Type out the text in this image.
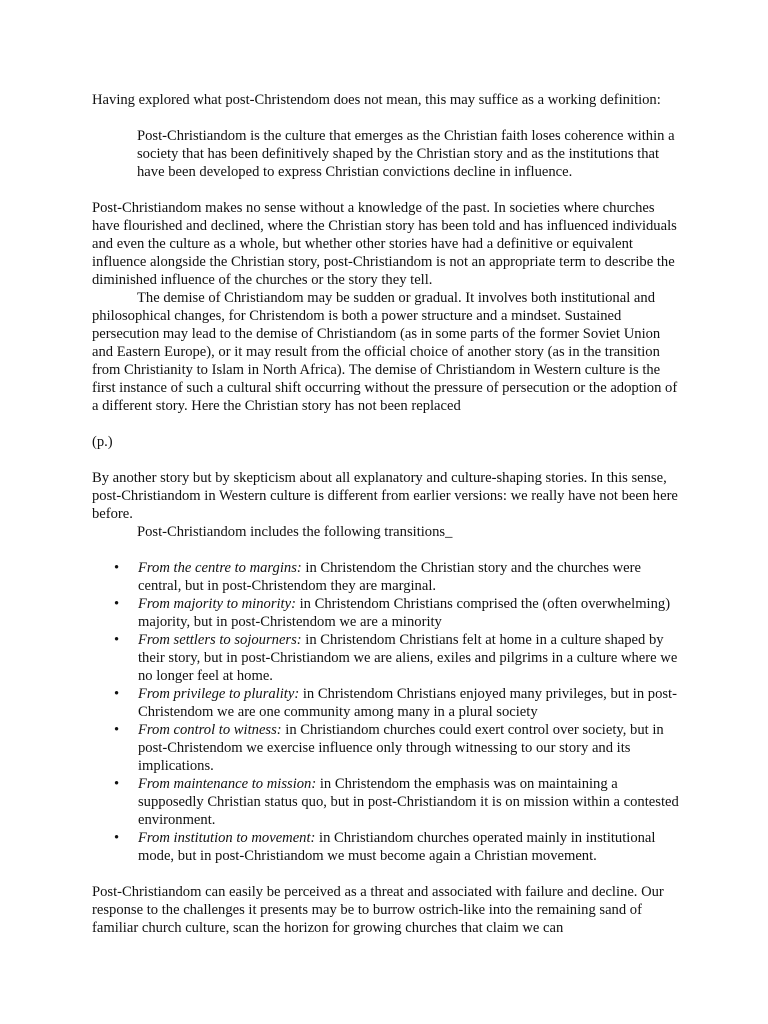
Having explored what post-Christendom does not mean, this may suffice as a working definition:

Post-Christiandom is the culture that emerges as the Christian faith loses coherence within a society that has been definitively shaped by the Christian story and as the institutions that have been developed to express Christian convictions decline in influence.

Post-Christiandom makes no sense without a knowledge of the past. In societies where churches have flourished and declined, where the Christian story has been told and has influenced individuals and even the culture as a whole, but whether other stories have had a definitive or equivalent influence alongside the Christian story, post-Christiandom is not an appropriate term to describe the diminished influence of the churches or the story they tell.

The demise of Christiandom may be sudden or gradual. It involves both institutional and philosophical changes, for Christendom is both a power structure and a mindset. Sustained persecution may lead to the demise of Christiandom (as in some parts of the former Soviet Union and Eastern Europe), or it may result from the official choice of another story (as in the transition from Christianity to Islam in North Africa). The demise of Christiandom in Western culture is the first instance of such a cultural shift occurring without the pressure of persecution or the adoption of a different story. Here the Christian story has not been replaced

(p.)

By another story but by skepticism about all explanatory and culture-shaping stories. In this sense, post-Christiandom in Western culture is different from earlier versions: we really have not been here before.

Post-Christiandom includes the following transitions_

• From the centre to margins: in Christendom the Christian story and the churches were central, but in post-Christendom they are marginal.
• From majority to minority: in Christendom Christians comprised the (often overwhelming) majority, but in post-Christendom we are a minority
• From settlers to sojourners: in Christendom Christians felt at home in a culture shaped by their story, but in post-Christiandom we are aliens, exiles and pilgrims in a culture where we no longer feel at home.
• From privilege to plurality: in Christendom Christians enjoyed many privileges, but in post-Christendom we are one community among many in a plural society
• From control to witness: in Christiandom churches could exert control over society, but in post-Christendom we exercise influence only through witnessing to our story and its implications.
• From maintenance to mission: in Christendom the emphasis was on maintaining a supposedly Christian status quo, but in post-Christiandom it is on mission within a contested environment.
• From institution to movement: in Christiandom churches operated mainly in institutional mode, but in post-Christiandom we must become again a Christian movement.

Post-Christiandom can easily be perceived as a threat and associated with failure and decline. Our response to the challenges it presents may be to burrow ostrich-like into the remaining sand of familiar church culture, scan the horizon for growing churches that claim we can
